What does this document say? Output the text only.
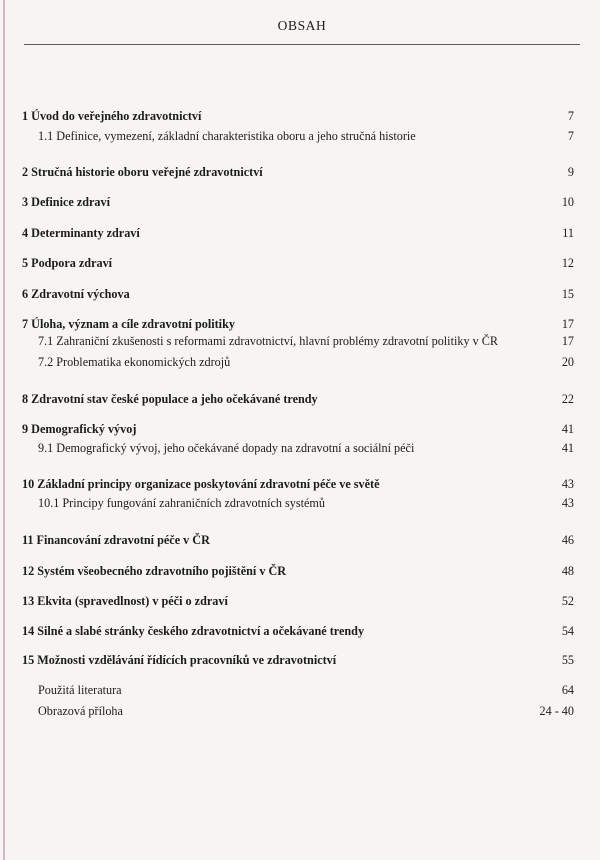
OBSAH
1 Úvod do veřejného zdravotnictví	7
1.1 Definice, vymezení, základní charakteristika oboru a jeho stručná historie	7
2 Stručná historie oboru veřejné zdravotnictví	9
3 Definice zdraví	10
4 Determinanty zdraví	11
5 Podpora zdraví	12
6 Zdravotní výchova	15
7 Úloha, význam a cíle zdravotní politiky	17
7.1 Zahraniční zkušenosti s reformami zdravotnictví, hlavní problémy zdravotní politiky v ČR	17
7.2 Problematika ekonomických zdrojů	20
8 Zdravotní stav české populace a jeho očekávané trendy	22
9 Demografický vývoj	41
9.1 Demografický vývoj, jeho očekávané dopady na zdravotní a sociální péči	41
10 Základní principy organizace poskytování zdravotní péče ve světě	43
10.1 Principy fungování zahraničních zdravotních systémů	43
11 Financování zdravotní péče v ČR	46
12 Systém všeobecného zdravotního pojištění v ČR	48
13 Ekvita (spravedlnost) v péči o zdraví	52
14 Silné a slabé stránky českého zdravotnictví a očekávané trendy	54
15 Možnosti vzdělávání řídících pracovníků ve zdravotnictví	55
Použitá literatura	64
Obrazová příloha	24 - 40
